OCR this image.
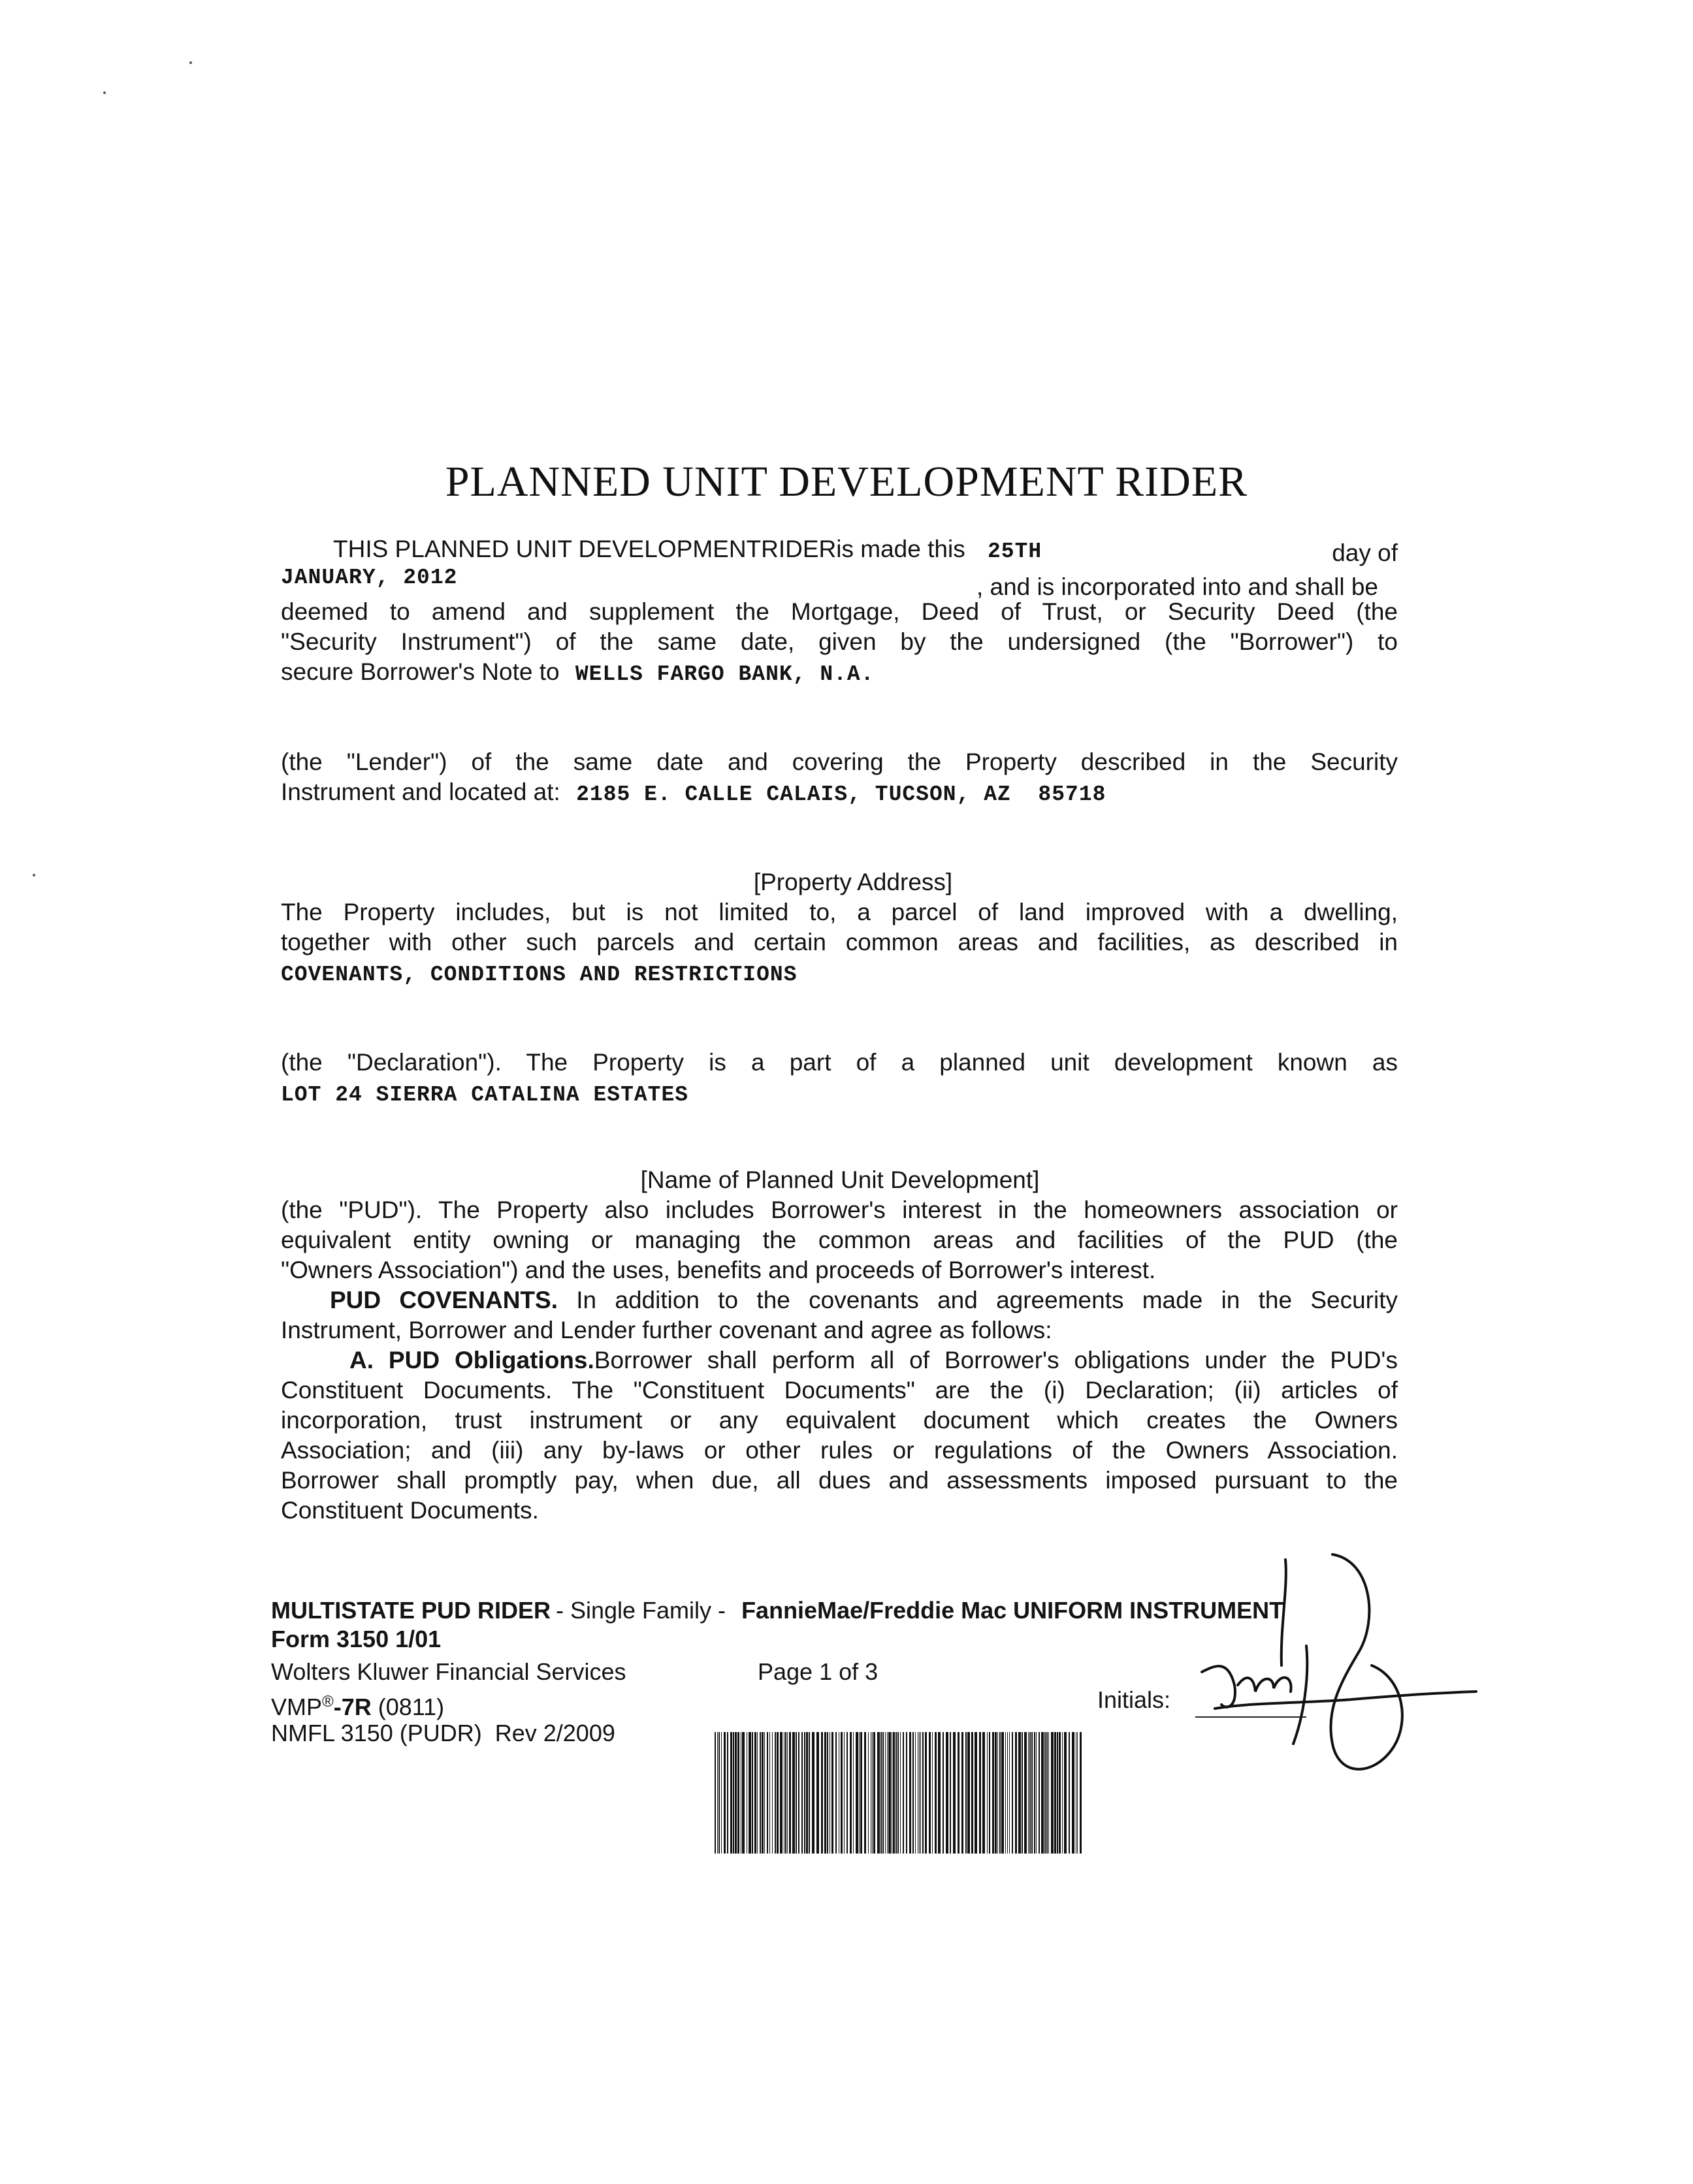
PLANNED UNIT DEVELOPMENT RIDER
THIS PLANNED UNIT DEVELOPMENTRIDERis made this 25TH	day of
JANUARY, 2012	, and is incorporated into and shall be
deemed to amend and supplement the Mortgage, Deed of Trust, or Security Deed (the
"Security Instrument") of the same date, given by the undersigned (the "Borrower") to
secure Borrower's Note to WELLS FARGO BANK, N.A.
(the "Lender") of the same date and covering the Property described in the Security
Instrument and located at: 2185 E. CALLE CALAIS, TUCSON, AZ  85718
[Property Address]
The Property includes, but is not limited to, a parcel of land improved with a dwelling,
together with other such parcels and certain common areas and facilities, as described in
COVENANTS, CONDITIONS AND RESTRICTIONS
(the "Declaration"). The Property is a part of a planned unit development known as
LOT 24 SIERRA CATALINA ESTATES
[Name of Planned Unit Development]
(the "PUD"). The Property also includes Borrower's interest in the homeowners association or
equivalent entity owning or managing the common areas and facilities of the PUD (the
"Owners Association") and the uses, benefits and proceeds of Borrower's interest.
PUD COVENANTS. In addition to the covenants and agreements made in the Security
Instrument, Borrower and Lender further covenant and agree as follows:
A. PUD Obligations.Borrower shall perform all of Borrower's obligations under the PUD's
Constituent Documents. The "Constituent Documents" are the (i) Declaration; (ii) articles of
incorporation, trust instrument or any equivalent document which creates the Owners
Association; and (iii) any by-laws or other rules or regulations of the Owners Association.
Borrower shall promptly pay, when due, all dues and assessments imposed pursuant to the
Constituent Documents.
MULTISTATE PUD RIDER - Single Family - FannieMae/Freddie Mac UNIFORM INSTRUMENT
Form 3150 1/01
Wolters Kluwer Financial Services	Page 1 of 3
Initials:
VMP®-7R (0811)
NMFL 3150 (PUDR)  Rev 2/2009
